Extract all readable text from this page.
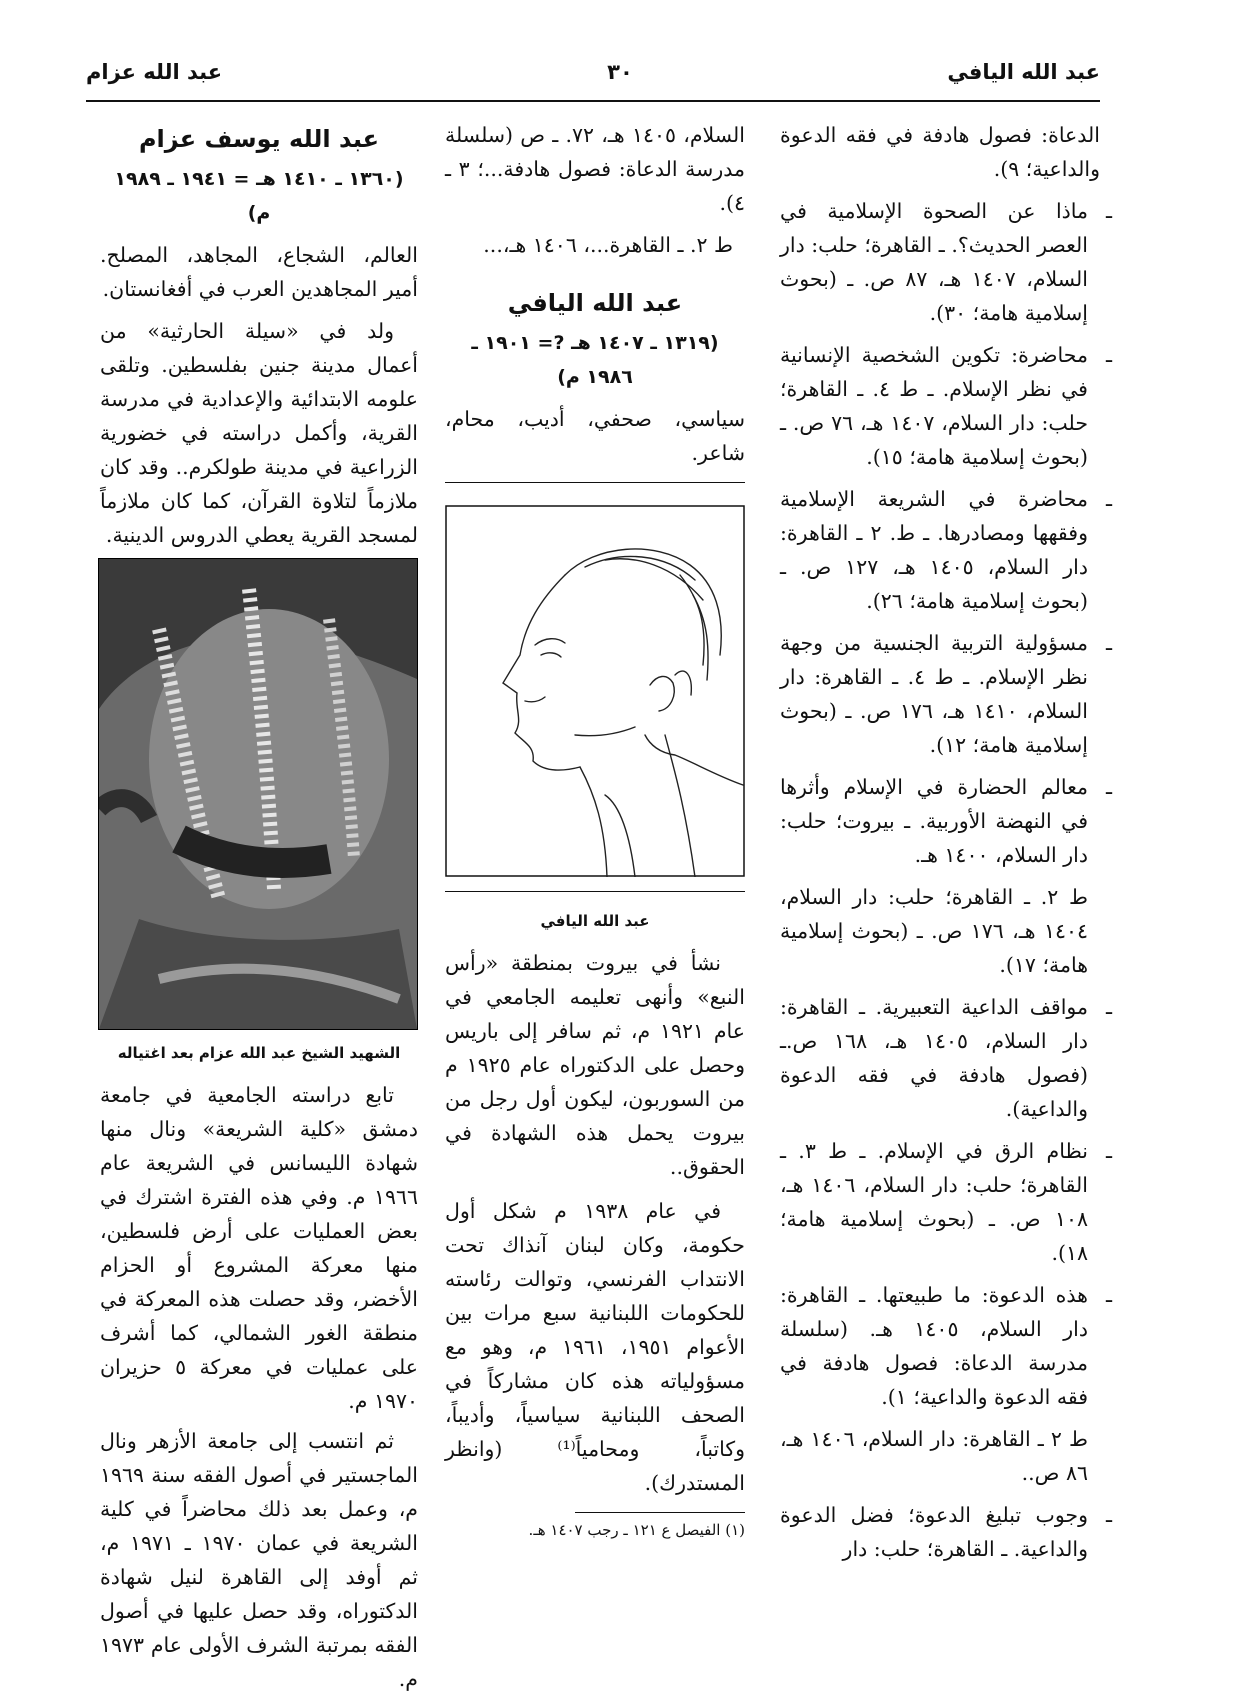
عبد الله اليافي
٣٠
عبد الله عزام

الدعاة: فصول هادفة في فقه الدعوة والداعية؛ ٩).

ـ ماذا عن الصحوة الإسلامية في العصر الحديث؟. ـ القاهرة؛ حلب: دار السلام، ١٤٠٧ هـ، ٨٧ ص. ـ (بحوث إسلامية هامة؛ ٣٠).
ـ محاضرة: تكوين الشخصية الإنسانية في نظر الإسلام. ـ ط ٤. ـ القاهرة؛ حلب: دار السلام، ١٤٠٧ هـ، ٧٦ ص. ـ (بحوث إسلامية هامة؛ ١٥).
ـ محاضرة في الشريعة الإسلامية وفقهها ومصادرها. ـ ط. ٢ ـ القاهرة: دار السلام، ١٤٠٥ هـ، ١٢٧ ص. ـ (بحوث إسلامية هامة؛ ٢٦).
ـ مسؤولية التربية الجنسية من وجهة نظر الإسلام. ـ ط ٤. ـ القاهرة: دار السلام، ١٤١٠ هـ، ١٧٦ ص. ـ (بحوث إسلامية هامة؛ ١٢).
ـ معالم الحضارة في الإسلام وأثرها في النهضة الأوربية. ـ بيروت؛ حلب: دار السلام، ١٤٠٠ هـ.
ط ٢. ـ القاهرة؛ حلب: دار السلام، ١٤٠٤ هـ، ١٧٦ ص. ـ (بحوث إسلامية هامة؛ ١٧).
ـ مواقف الداعية التعبيرية. ـ القاهرة: دار السلام، ١٤٠٥ هـ، ١٦٨ ص.ـ (فصول هادفة في فقه الدعوة والداعية).
ـ نظام الرق في الإسلام. ـ ط ٣. ـ القاهرة؛ حلب: دار السلام، ١٤٠٦ هـ، ١٠٨ ص. ـ (بحوث إسلامية هامة؛ ١٨).
ـ هذه الدعوة: ما طبيعتها. ـ القاهرة: دار السلام، ١٤٠٥ هـ. (سلسلة مدرسة الدعاة: فصول هادفة في فقه الدعوة والداعية؛ ١).
ط ٢ ـ القاهرة: دار السلام، ١٤٠٦ هـ، ٨٦ ص..
ـ وجوب تبليغ الدعوة؛ فضل الدعوة والداعية. ـ القاهرة؛ حلب: دار

السلام، ١٤٠٥ هـ، ٧٢. ـ ص (سلسلة مدرسة الدعاة: فصول هادفة...؛ ٣ ـ ٤).

ط ٢. ـ القاهرة...، ١٤٠٦ هـ،...

عبد الله اليافي
(١٣١٩ ـ ١٤٠٧ هـ ?= ١٩٠١ ـ ١٩٨٦ م)

سياسي، صحفي، أديب، محام، شاعر.

عبد الله اليافي

نشأ في بيروت بمنطقة «رأس النبع» وأنهى تعليمه الجامعي في عام ١٩٢١ م، ثم سافر إلى باريس وحصل على الدكتوراه عام ١٩٢٥ م من السوربون، ليكون أول رجل من بيروت يحمل هذه الشهادة في الحقوق..

في عام ١٩٣٨ م شكل أول حكومة، وكان لبنان آنذاك تحت الانتداب الفرنسي، وتوالت رئاسته للحكومات اللبنانية سبع مرات بين الأعوام ١٩٥١، ١٩٦١ م، وهو مع مسؤولياته هذه كان مشاركاً في الصحف اللبنانية سياسياً، وأديباً، وكاتباً، ومحامياً⁽¹⁾ (وانظر المستدرك).

(١) الفيصل ع ١٢١ ـ رجب ١٤٠٧ هـ.

عبد الله يوسف عزام
(١٣٦٠ ـ ١٤١٠ هـ = ١٩٤١ ـ ١٩٨٩ م)

العالم، الشجاع، المجاهد، المصلح. أمير المجاهدين العرب في أفغانستان.

ولد في «سيلة الحارثية» من أعمال مدينة جنين بفلسطين. وتلقى علومه الابتدائية والإعدادية في مدرسة القرية، وأكمل دراسته في خضورية الزراعية في مدينة طولكرم.. وقد كان ملازماً لتلاوة القرآن، كما كان ملازماً لمسجد القرية يعطي الدروس الدينية.

الشهيد الشيخ عبد الله عزام بعد اغتياله

تابع دراسته الجامعية في جامعة دمشق «كلية الشريعة» ونال منها شهادة الليسانس في الشريعة عام ١٩٦٦ م. وفي هذه الفترة اشترك في بعض العمليات على أرض فلسطين، منها معركة المشروع أو الحزام الأخضر، وقد حصلت هذه المعركة في منطقة الغور الشمالي، كما أشرف على عمليات في معركة ٥ حزيران ١٩٧٠ م.

ثم انتسب إلى جامعة الأزهر ونال الماجستير في أصول الفقه سنة ١٩٦٩ م، وعمل بعد ذلك محاضراً في كلية الشريعة في عمان ١٩٧٠ ـ ١٩٧١ م، ثم أوفد إلى القاهرة لنيل شهادة الدكتوراه، وقد حصل عليها في أصول الفقه بمرتبة الشرف الأولى عام ١٩٧٣ م.
